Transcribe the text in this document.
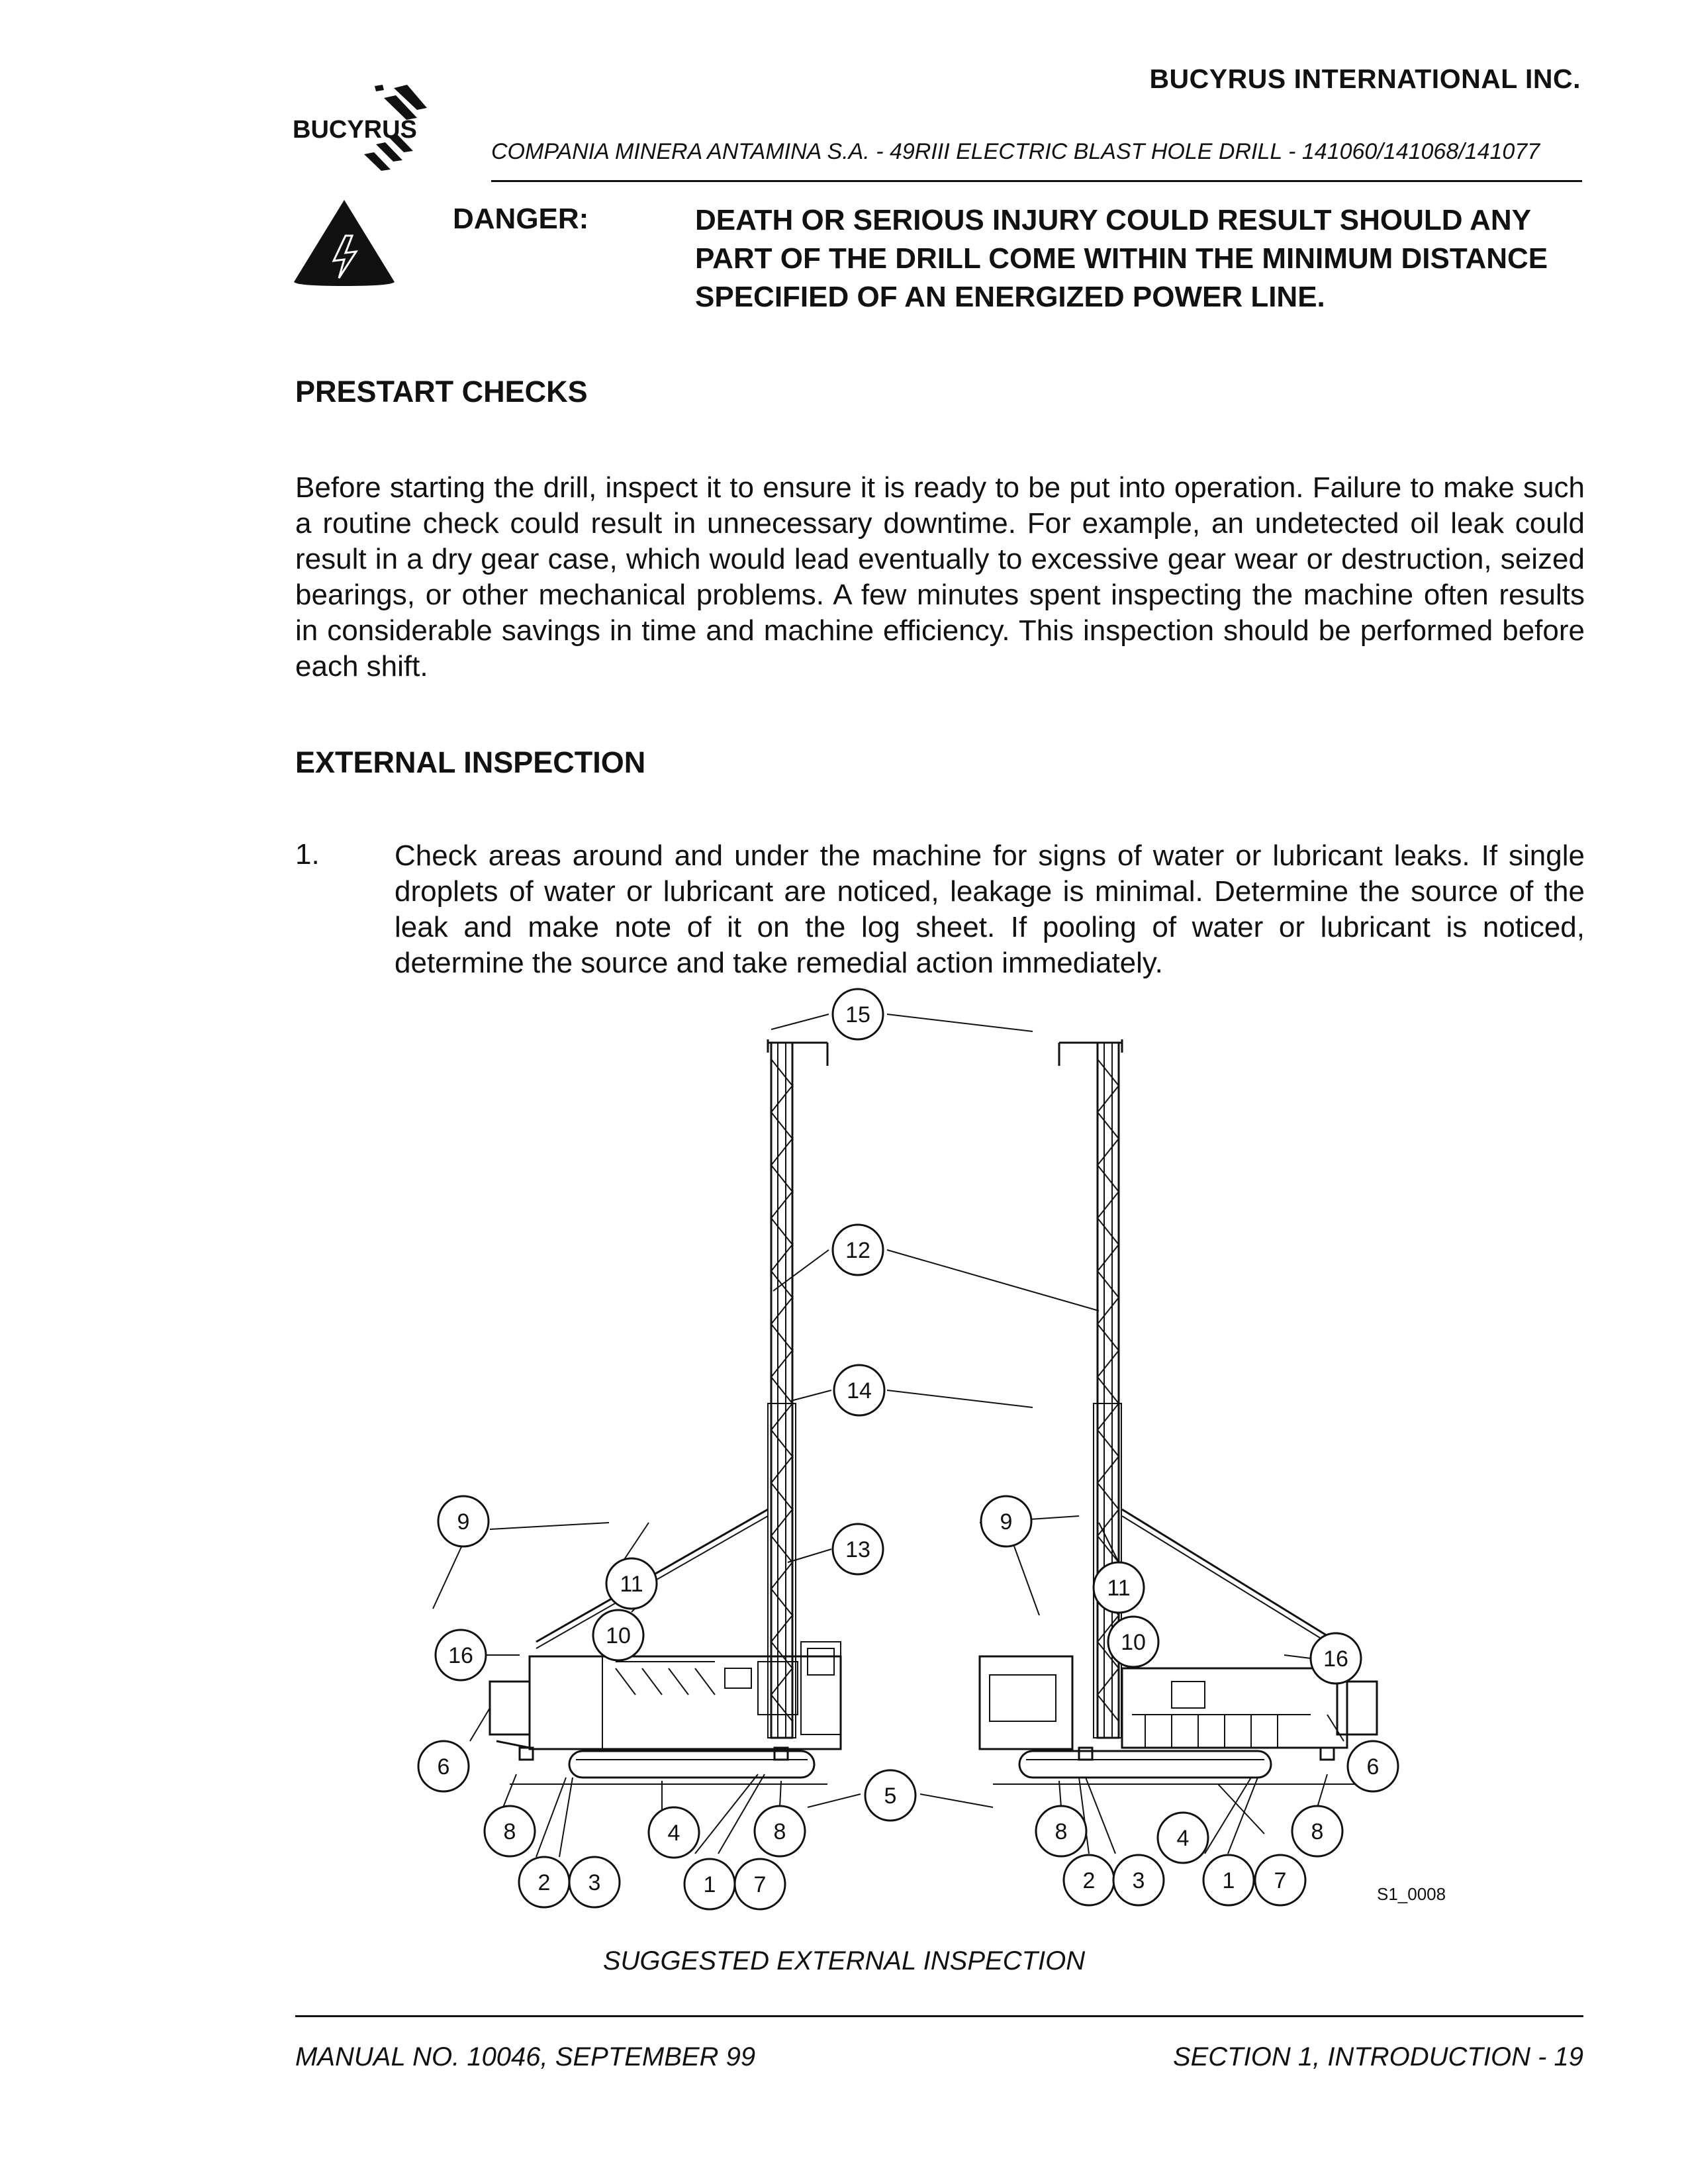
BUCYRUS
BUCYRUS INTERNATIONAL INC.
COMPANIA MINERA ANTAMINA S.A. - 49RIII ELECTRIC BLAST HOLE DRILL - 141060/141068/141077
DANGER:	DEATH OR SERIOUS INJURY COULD RESULT SHOULD ANY PART OF THE DRILL COME WITHIN THE MINIMUM DISTANCE SPECIFIED OF AN ENERGIZED POWER LINE.
PRESTART CHECKS
Before starting the drill, inspect it to ensure it is ready to be put into operation. Failure to make such a routine check could result in unnecessary downtime. For example, an undetected oil leak could result in a dry gear case, which would lead eventually to excessive gear wear or destruction, seized bearings, or other mechanical problems. A few minutes spent inspecting the machine often results in considerable savings in time and machine efficiency. This inspection should be performed before each shift.
EXTERNAL INSPECTION
1.	Check areas around and under the machine for signs of water or lubricant leaks. If single droplets of water or lubricant are noticed, leakage is minimal. Determine the source of the leak and make note of it on the log sheet. If pooling of water or lubricant is noticed, determine the source and take remedial action immediately.
15
12
14
13
9	9
11	11
10	10
16	16
5
6	6
8	8	8	8
4	4
2 3	1 7	2 3	1 7
S1_0008
SUGGESTED EXTERNAL INSPECTION
MANUAL NO. 10046, SEPTEMBER 99	SECTION 1, INTRODUCTION - 19
